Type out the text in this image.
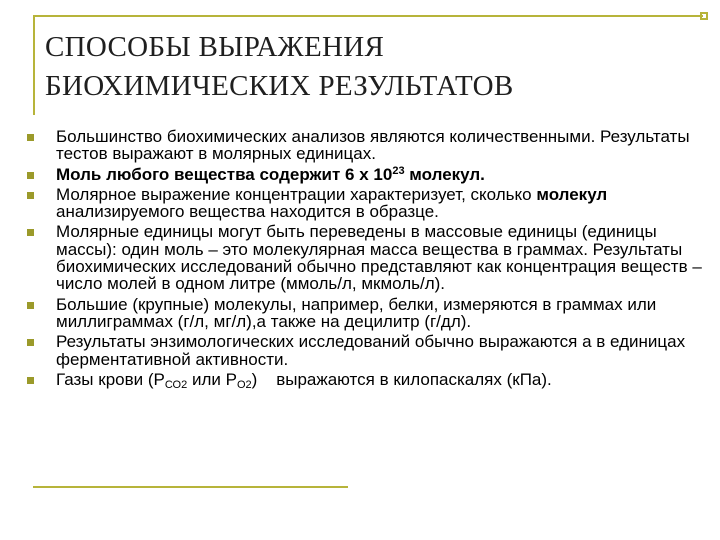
СПОСОБЫ ВЫРАЖЕНИЯ
БИОХИМИЧЕСКИХ РЕЗУЛЬТАТОВ
Большинство биохимических анализов являются количественными. Результаты тестов выражают в молярных единицах.
Моль любого вещества содержит 6 х $10^{23}$ молекул.
Молярное выражение концентрации характеризует, сколько молекул анализируемого вещества находится в образце.
Молярные единицы могут быть переведены в массовые единицы (единицы массы): один моль – это молекулярная масса вещества в граммах. Результаты биохимических исследований обычно представляют как концентрация веществ – число молей в одном литре (ммоль/л, мкмоль/л).
Большие (крупные) молекулы, например, белки, измеряются в граммах или миллиграммах (г/л, мг/л),а также на децилитр (г/дл).
Результаты энзимологических исследований обычно выражаются а в единицах ферментативной активности.
Газы крови ($Р_{СО2}$ или $Р_{О2}$)    выражаются в килопаскалях (кПа).
